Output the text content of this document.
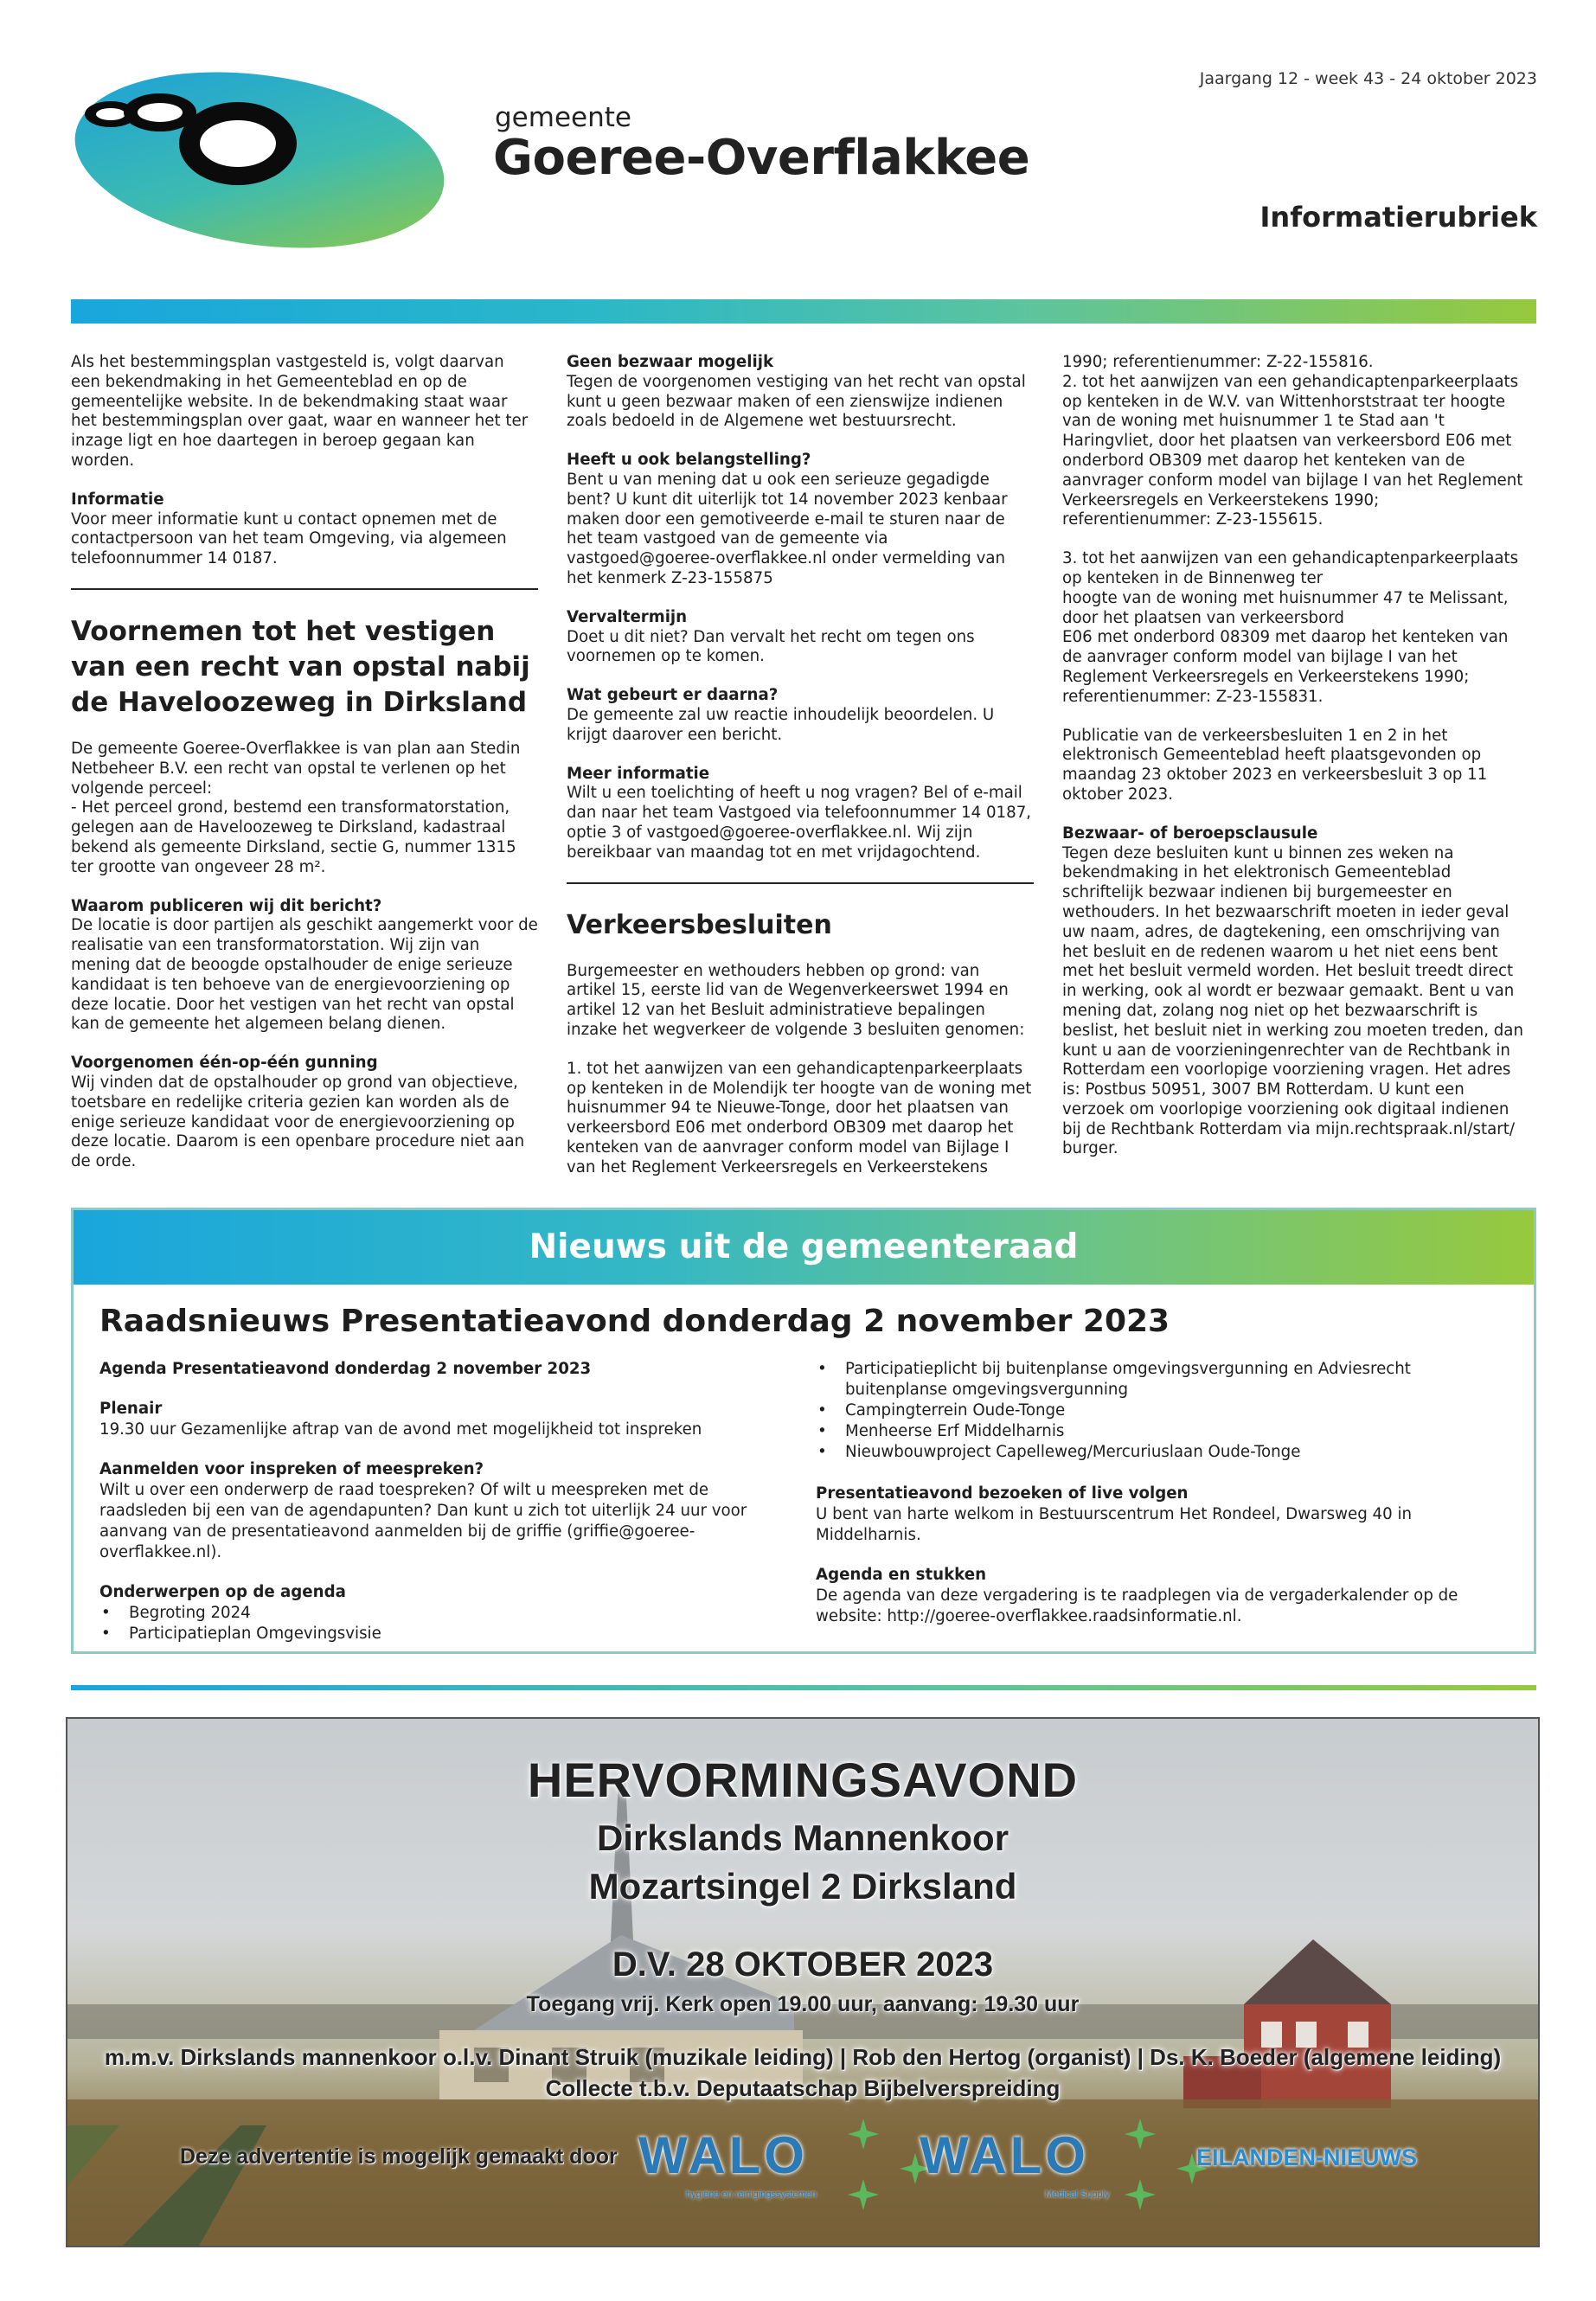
gemeente
Goeree-Overflakkee
Jaargang 12 - week 43 - 24 oktober 2023
Informatierubriek

Als het bestemmingsplan vastgesteld is, volgt daarvan een bekendmaking in het Gemeenteblad en op de gemeentelijke website. In de bekendmaking staat waar het bestemmingsplan over gaat, waar en wanneer het ter inzage ligt en hoe daartegen in beroep gegaan kan worden.

Informatie
Voor meer informatie kunt u contact opnemen met de contactpersoon van het team Omgeving, via algemeen telefoonnummer 14 0187.

Voornemen tot het vestigen van een recht van opstal nabij de Haveloozeweg in Dirksland

De gemeente Goeree-Overflakkee is van plan aan Stedin Netbeheer B.V. een recht van opstal te verlenen op het volgende perceel:
- Het perceel grond, bestemd een transformatorstation, gelegen aan de Haveloozeweg te Dirksland, kadastraal bekend als gemeente Dirksland, sectie G, nummer 1315 ter grootte van ongeveer 28 m².

Waarom publiceren wij dit bericht?
De locatie is door partijen als geschikt aangemerkt voor de realisatie van een transformatorstation. Wij zijn van mening dat de beoogde opstalhouder de enige serieuze kandidaat is ten behoeve van de energievoorziening op deze locatie. Door het vestigen van het recht van opstal kan de gemeente het algemeen belang dienen.

Voorgenomen één-op-één gunning
Wij vinden dat de opstalhouder op grond van objectieve, toetsbare en redelijke criteria gezien kan worden als de enige serieuze kandidaat voor de energievoorziening op deze locatie. Daarom is een openbare procedure niet aan de orde.

Geen bezwaar mogelijk
Tegen de voorgenomen vestiging van het recht van opstal kunt u geen bezwaar maken of een zienswijze indienen zoals bedoeld in de Algemene wet bestuursrecht.

Heeft u ook belangstelling?
Bent u van mening dat u ook een serieuze gegadigde bent? U kunt dit uiterlijk tot 14 november 2023 kenbaar maken door een gemotiveerde e-mail te sturen naar de het team vastgoed van de gemeente via vastgoed@goeree-overflakkee.nl onder vermelding van het kenmerk Z-23-155875

Vervaltermijn
Doet u dit niet? Dan vervalt het recht om tegen ons voornemen op te komen.

Wat gebeurt er daarna?
De gemeente zal uw reactie inhoudelijk beoordelen. U krijgt daarover een bericht.

Meer informatie
Wilt u een toelichting of heeft u nog vragen? Bel of e-mail dan naar het team Vastgoed via telefoonnummer 14 0187, optie 3 of vastgoed@goeree-overflakkee.nl. Wij zijn bereikbaar van maandag tot en met vrijdagochtend.

Verkeersbesluiten

Burgemeester en wethouders hebben op grond: van artikel 15, eerste lid van de Wegenverkeerswet 1994 en artikel 12 van het Besluit administratieve bepalingen inzake het wegverkeer de volgende 3 besluiten genomen:

1. tot het aanwijzen van een gehandicaptenparkeerplaats op kenteken in de Molendijk ter hoogte van de woning met huisnummer 94 te Nieuwe-Tonge, door het plaatsen van verkeersbord E06 met onderbord OB309 met daarop het kenteken van de aanvrager conform model van Bijlage I van het Reglement Verkeersregels en Verkeerstekens

1990; referentienummer: Z-22-155816.
2. tot het aanwijzen van een gehandicaptenparkeerplaats op kenteken in de W.V. van Wittenhorststraat ter hoogte van de woning met huisnummer 1 te Stad aan 't Haringvliet, door het plaatsen van verkeersbord E06 met onderbord OB309 met daarop het kenteken van de aanvrager conform model van bijlage I van het Reglement Verkeersregels en Verkeerstekens 1990; referentienummer: Z-23-155615.

3. tot het aanwijzen van een gehandicaptenparkeerplaats op kenteken in de Binnenweg ter
hoogte van de woning met huisnummer 47 te Melissant, door het plaatsen van verkeersbord
E06 met onderbord 08309 met daarop het kenteken van de aanvrager conform model van bijlage I van het Reglement Verkeersregels en Verkeerstekens 1990; referentienummer: Z-23-155831.

Publicatie van de verkeersbesluiten 1 en 2 in het elektronisch Gemeenteblad heeft plaatsgevonden op maandag 23 oktober 2023 en verkeersbesluit 3 op 11 oktober 2023.

Bezwaar- of beroepsclausule
Tegen deze besluiten kunt u binnen zes weken na bekendmaking in het elektronisch Gemeenteblad schriftelijk bezwaar indienen bij burgemeester en wethouders. In het bezwaarschrift moeten in ieder geval uw naam, adres, de dagtekening, een omschrijving van het besluit en de redenen waarom u het niet eens bent met het besluit vermeld worden. Het besluit treedt direct in werking, ook al wordt er bezwaar gemaakt. Bent u van mening dat, zolang nog niet op het bezwaarschrift is beslist, het besluit niet in werking zou moeten treden, dan kunt u aan de voorzieningenrechter van de Rechtbank in Rotterdam een voorlopige voorziening vragen. Het adres is: Postbus 50951, 3007 BM Rotterdam. U kunt een verzoek om voorlopige voorziening ook digitaal indienen bij de Rechtbank Rotterdam via mijn.rechtspraak.nl/start/ burger.

Nieuws uit de gemeenteraad
Raadsnieuws Presentatieavond donderdag 2 november 2023

Agenda Presentatieavond donderdag 2 november 2023

Plenair
19.30 uur Gezamenlijke aftrap van de avond met mogelijkheid tot inspreken

Aanmelden voor inspreken of meespreken?
Wilt u over een onderwerp de raad toespreken? Of wilt u meespreken met de raadsleden bij een van de agendapunten? Dan kunt u zich tot uiterlijk 24 uur voor aanvang van de presentatieavond aanmelden bij de griffie (griffie@goeree-overflakkee.nl).

Onderwerpen op de agenda
• Begroting 2024
• Participatieplan Omgevingsvisie
• Participatieplicht bij buitenplanse omgevingsvergunning en Adviesrecht buitenplanse omgevingsvergunning
• Campingterrein Oude-Tonge
• Menheerse Erf Middelharnis
• Nieuwbouwproject Capelleweg/Mercuriuslaan Oude-Tonge

Presentatieavond bezoeken of live volgen
U bent van harte welkom in Bestuurscentrum Het Rondeel, Dwarsweg 40 in Middelharnis.

Agenda en stukken
De agenda van deze vergadering is te raadplegen via de vergaderkalender op de website: http://goeree-overflakkee.raadsinformatie.nl.

HERVORMINGSAVOND
Dirkslands Mannenkoor
Mozartsingel 2 Dirksland
D.V. 28 OKTOBER 2023
Toegang vrij. Kerk open 19.00 uur, aanvang: 19.30 uur
m.m.v. Dirkslands mannenkoor o.l.v. Dinant Struik (muzikale leiding) | Rob den Hertog (organist) | Ds. K. Boeder (algemene leiding)
Collecte t.b.v. Deputaatschap Bijbelverspreiding
Deze advertentie is mogelijk gemaakt door WALO
hygiëne en reinigingssystemen
WALO
Medical Supply
EILANDEN-NIEUWS
